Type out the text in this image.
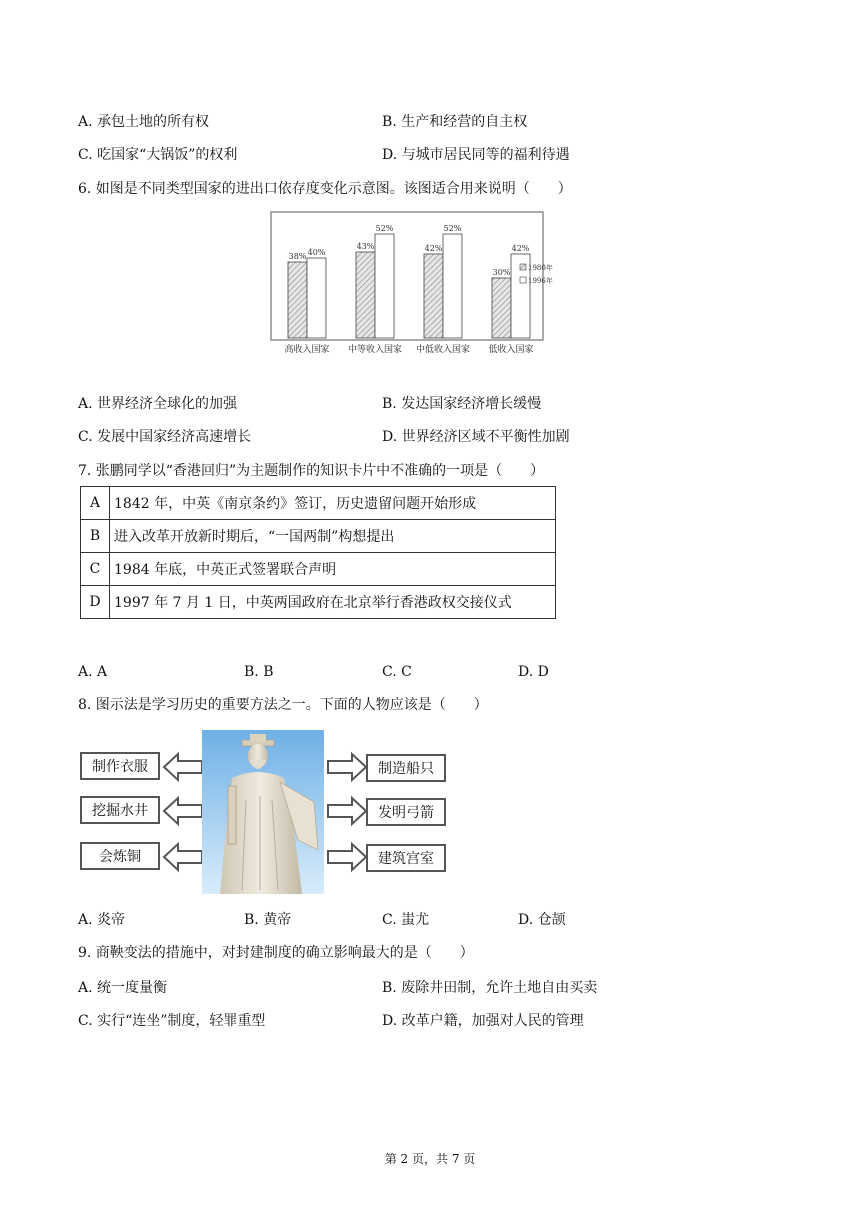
A. 承包土地的所有权	B. 生产和经营的自主权
C. 吃国家“大锅饭”的权利	D. 与城市居民同等的福利待遇
6. 如图是不同类型国家的进出口依存度变化示意图。该图适合用来说明（　　）
38% 40%
43%
52%
42%
52%
30%
42%
高收入国家 中等收入国家 中低收入国家 低收入国家
1980年
1996年
A. 世界经济全球化的加强	B. 发达国家经济增长缓慢
C. 发展中国家经济高速增长	D. 世界经济区域不平衡性加剧
7. 张鹏同学以“香港回归”为主题制作的知识卡片中不准确的一项是（　　）
A	1842 年，中英《南京条约》签订，历史遗留问题开始形成
B	进入改革开放新时期后，“一国两制”构想提出
C	1984 年底，中英正式签署联合声明
D	1997 年 7 月 1 日，中英两国政府在北京举行香港政权交接仪式
A. A	B. B	C. C	D. D
8. 图示法是学习历史的重要方法之一。下面的人物应该是（　　）
制作衣服
挖掘水井
会炼铜
制造船只
发明弓箭
建筑宫室
A. 炎帝	B. 黄帝	C. 蚩尤	D. 仓颉
9. 商鞅变法的措施中，对封建制度的确立影响最大的是（　　）
A. 统一度量衡	B. 废除井田制，允许土地自由买卖
C. 实行“连坐”制度，轻罪重型	D. 改革户籍，加强对人民的管理
第 2 页，共 7 页
